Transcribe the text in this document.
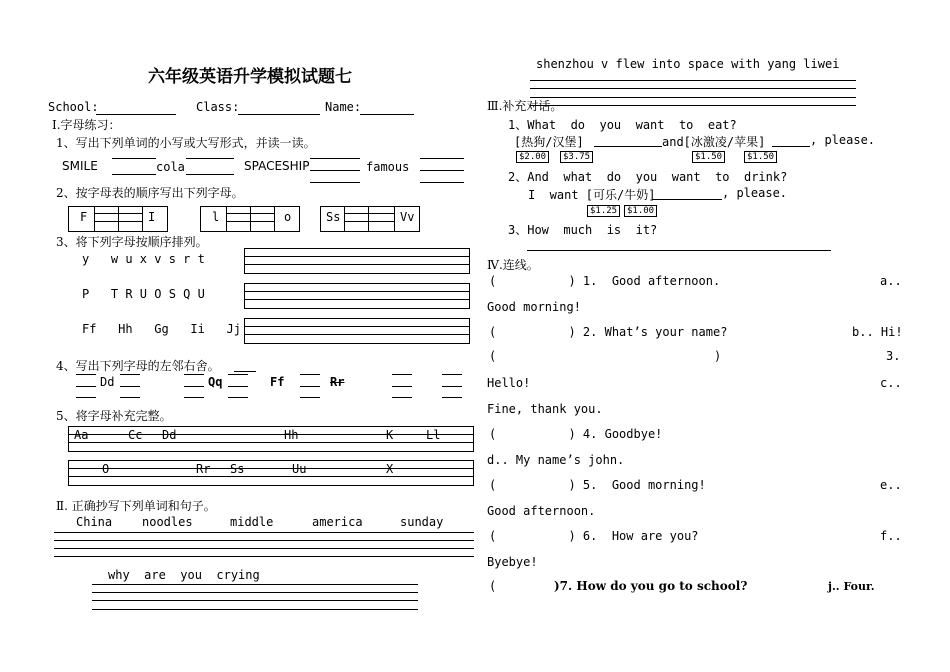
六年级英语升学模拟试题七
School:	Class:	Name:
Ⅰ.字母练习：
1、写出下列单词的小写或大写形式，并读一读。
SMILE	cola	SPACESHIP	famous
2、按字母表的顺序写出下列字母。
F	I	l	o	Ss	Vv
3、将下列字母按顺序排列。
y   w u x v s r t
P   T R U O S Q U
Ff   Hh   Gg   Ii   Jj
4、写出下列字母的左邻右舍。
Dd	Qq	Ff	Rr
5、将字母补充完整。
Aa	Cc Dd	Hh	K	Ll
O	Rr Ss	Uu	X
Ⅱ. 正确抄写下列单词和句子。
China noodles	middle	america	sunday
why  are  you  crying
shenzhou v flew into space with yang liwei
Ⅲ.补充对话。
1、What  do  you  want  to  eat?
[热狗/汉堡]	and[冰激凌/苹果]	, please.
$2.00	$3.75	$1.50	$1.50
2、And  what  do  you  want  to  drink?
I  want [可乐/牛奶]	, please.
$1.25	$1.00
3、How  much  is  it?
Ⅳ.连线。
(          ) 1.  Good afternoon.	a..
Good morning!
(          ) 2. What’s your name?	b.. Hi!
(	)	3.
Hello!	c..
Fine, thank you.
(          ) 4. Goodbye!
d.. My name’s john.
(          ) 5.  Good morning!	e..
Good afternoon.
(          ) 6.  How are you?	f..
Byebye!
(	)7. How do you go to school?	j.. Four.
